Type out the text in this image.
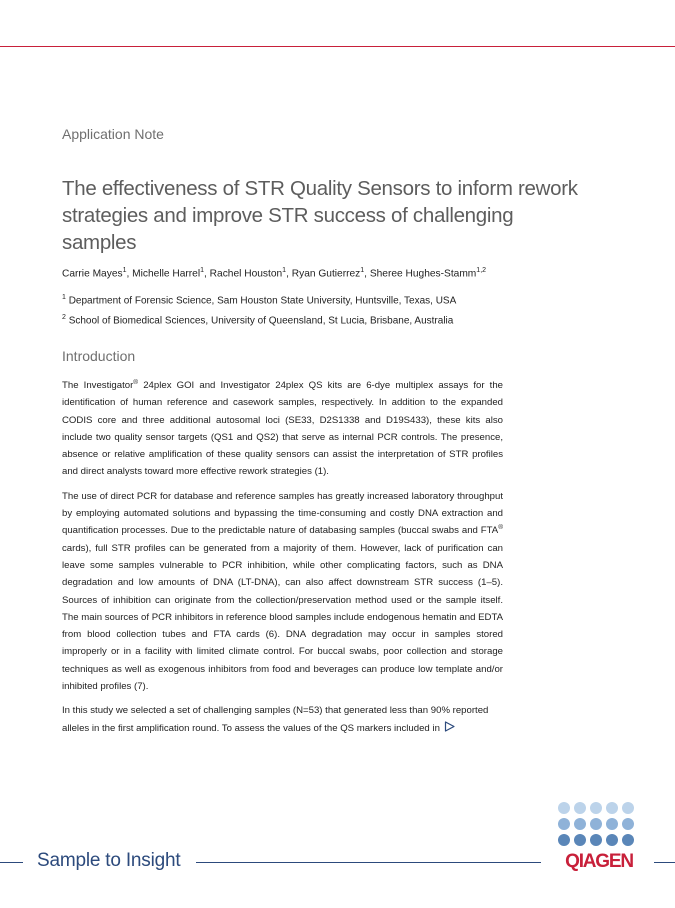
Application Note
The effectiveness of STR Quality Sensors to inform rework strategies and improve STR success of challenging samples
Carrie Mayes$^1$, Michelle Harrel$^1$, Rachel Houston$^1$, Ryan Gutierrez$^1$, Sheree Hughes-Stamm$^{1,2}$
$^1$ Department of Forensic Science, Sam Houston State University, Huntsville, Texas, USA
$^2$ School of Biomedical Sciences, University of Queensland, St Lucia, Brisbane, Australia
Introduction

The Investigator® 24plex GOI and Investigator 24plex QS kits are 6-dye multiplex assays for the identification of human reference and casework samples, respectively. In addition to the expanded CODIS core and three additional autosomal loci (SE33, D2S1338 and D19S433), these kits also include two quality sensor targets (QS1 and QS2) that serve as internal PCR controls. The presence, absence or relative amplification of these quality sensors can assist the interpretation of STR profiles and direct analysts toward more effective rework strategies (1).

The use of direct PCR for database and reference samples has greatly increased laboratory throughput by employing automated solutions and bypassing the time-consuming and costly DNA extraction and quantification processes. Due to the predictable nature of databasing samples (buccal swabs and FTA® cards), full STR profiles can be generated from a majority of them. However, lack of purification can leave some samples vulnerable to PCR inhibition, while other complicating factors, such as DNA degradation and low amounts of DNA (LT-DNA), can also affect downstream STR success (1–5). Sources of inhibition can originate from the collection/preservation method used or the sample itself. The main sources of PCR inhibitors in reference blood samples include endogenous hematin and EDTA from blood collection tubes and FTA cards (6). DNA degradation may occur in samples stored improperly or in a facility with limited climate control. For buccal swabs, poor collection and storage techniques as well as exogenous inhibitors from food and beverages can produce low template and/or inhibited profiles (7).

In this study we selected a set of challenging samples (N=53) that generated less than 90% reported alleles in the first amplification round. To assess the values of the QS markers included in

Sample to Insight	QIAGEN
